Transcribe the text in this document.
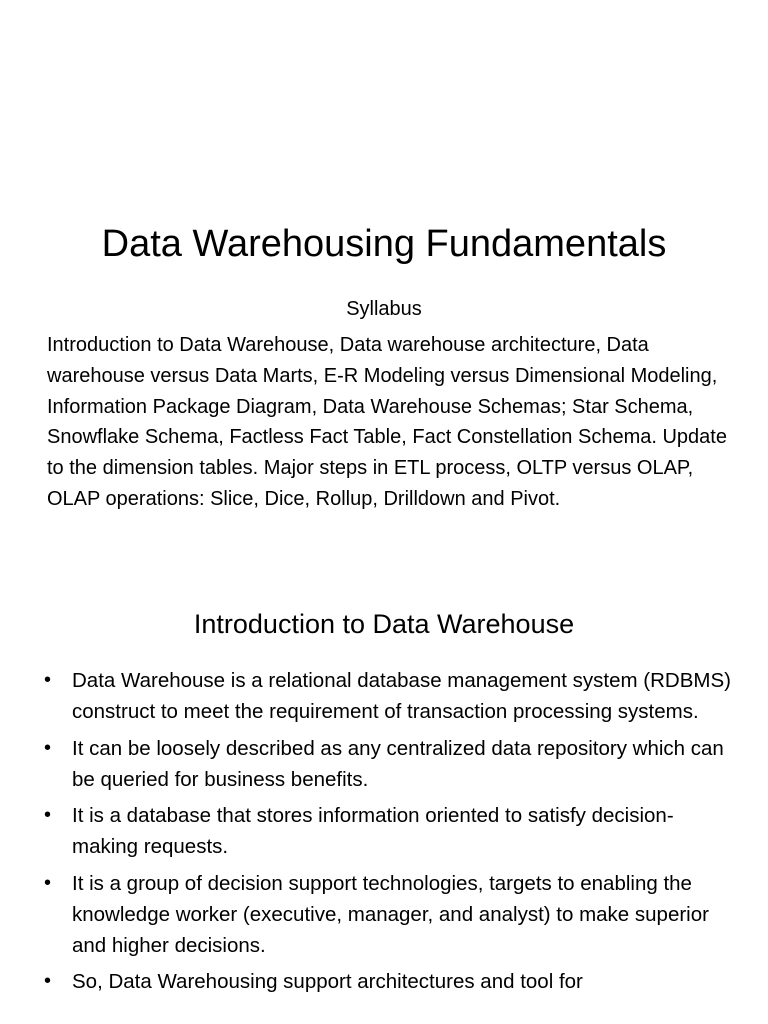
Data Warehousing Fundamentals
Syllabus
Introduction to Data Warehouse, Data warehouse architecture, Data warehouse versus Data Marts, E-R Modeling versus Dimensional Modeling, Information Package Diagram, Data Warehouse Schemas; Star Schema, Snowflake Schema, Factless Fact Table, Fact Constellation Schema. Update to the dimension tables. Major steps in ETL process, OLTP versus OLAP, OLAP operations: Slice, Dice, Rollup, Drilldown and Pivot.
Introduction to Data Warehouse
• Data Warehouse is a relational database management system (RDBMS) construct to meet the requirement of transaction processing systems.
• It can be loosely described as any centralized data repository which can be queried for business benefits.
• It is a database that stores information oriented to satisfy decision-making requests.
• It is a group of decision support technologies, targets to enabling the knowledge worker (executive, manager, and analyst) to make superior and higher decisions.
• So, Data Warehousing support architectures and tool for
